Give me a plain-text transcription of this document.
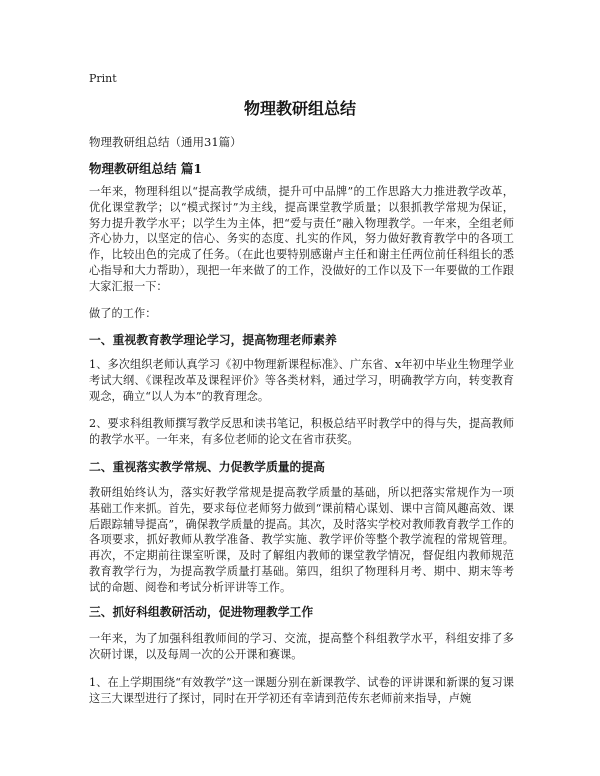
Print
物理教研组总结
物理教研组总结（通用31篇）
物理教研组总结 篇1

一年来，物理科组以“提高教学成绩，提升可中品牌”的工作思路大力推进教学改革，优化课堂教学；以“模式探讨”为主线，提高课堂教学质量；以狠抓教学常规为保证，努力提升教学水平；以学生为主体，把“爱与责任”融入物理教学。一年来，全组老师齐心协力，以坚定的信心、务实的态度、扎实的作风，努力做好教育教学中的各项工作，比较出色的完成了任务。（在此也要特别感谢卢主任和谢主任两位前任科组长的悉心指导和大力帮助），现把一年来做了的工作，没做好的工作以及下一年要做的工作跟大家汇报一下：

做了的工作：

一、重视教育教学理论学习，提高物理老师素养

1、多次组织老师认真学习《初中物理新课程标准》、广东省、x年初中毕业生物理学业考试大纲、《课程改革及课程评价》等各类材料，通过学习，明确教学方向，转变教育观念，确立“以人为本”的教育理念。

2、要求科组教师撰写教学反思和读书笔记，积极总结平时教学中的得与失，提高教师的教学水平。一年来，有多位老师的论文在省市获奖。

二、重视落实教学常规、力促教学质量的提高

教研组始终认为，落实好教学常规是提高教学质量的基础，所以把落实常规作为一项基础工作来抓。首先，要求每位老师努力做到“课前精心谋划、课中言简风趣高效、课后跟踪辅导提高”，确保教学质量的提高。其次，及时落实学校对教师教育教学工作的各项要求，抓好教师从教学准备、教学实施、教学评价等整个教学流程的常规管理。再次，不定期前往课室听课，及时了解组内教师的课堂教学情况，督促组内教师规范教育教学行为，为提高教学质量打基础。第四，组织了物理科月考、期中、期末等考试的命题、阅卷和考试分析评讲等工作。

三、抓好科组教研活动，促进物理教学工作

一年来，为了加强科组教师间的学习、交流，提高整个科组教学水平，科组安排了多次研讨课，以及每周一次的公开课和赛课。

1、在上学期围绕“有效教学”这一课题分别在新课教学、试卷的评讲课和新课的复习课这三大课型进行了探讨，同时在开学初还有幸请到范传东老师前来指导，卢婉
